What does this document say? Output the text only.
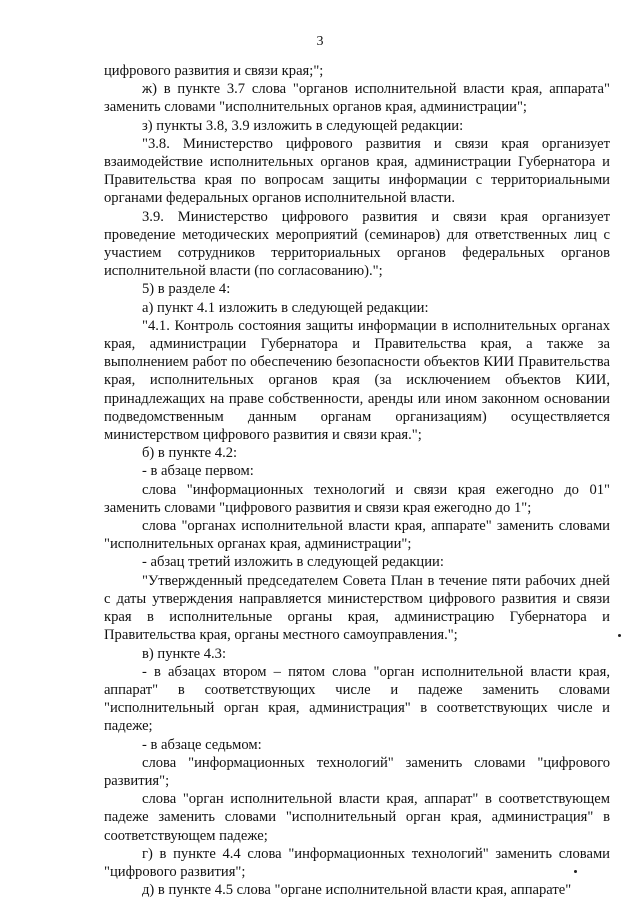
3

цифрового развития и связи края;";

ж) в пункте 3.7 слова "органов исполнительной власти края, аппарата" заменить словами "исполнительных органов края, администрации";

з) пункты 3.8, 3.9 изложить в следующей редакции:

"3.8. Министерство цифрового развития и связи края организует взаимодействие исполнительных органов края, администрации Губернатора и Правительства края по вопросам защиты информации с территориальными органами федеральных органов исполнительной власти.

3.9. Министерство цифрового развития и связи края организует проведение методических мероприятий (семинаров) для ответственных лиц с участием сотрудников территориальных органов федеральных органов исполнительной власти (по согласованию).";

5) в разделе 4:

а) пункт 4.1 изложить в следующей редакции:

"4.1. Контроль состояния защиты информации в исполнительных органах края, администрации Губернатора и Правительства края, а также за выполнением работ по обеспечению безопасности объектов КИИ Правительства края, исполнительных органов края (за исключением объектов КИИ, принадлежащих на праве собственности, аренды или ином законном основании подведомственным данным органам организациям) осуществляется министерством цифрового развития и связи края.";

б) в пункте 4.2:

- в абзаце первом:

слова "информационных технологий и связи края ежегодно до 01" заменить словами "цифрового развития и связи края ежегодно до 1";

слова "органах исполнительной власти края, аппарате" заменить словами "исполнительных органах края, администрации";

- абзац третий изложить в следующей редакции:

"Утвержденный председателем Совета План в течение пяти рабочих дней с даты утверждения направляется министерством цифрового развития и связи края в исполнительные органы края, администрацию Губернатора и Правительства края, органы местного самоуправления.";

в) пункте 4.3:

- в абзацах втором – пятом слова "орган исполнительной власти края, аппарат" в соответствующих числе и падеже заменить словами "исполнительный орган края, администрация" в соответствующих числе и падеже;

- в абзаце седьмом:

слова "информационных технологий" заменить словами "цифрового развития";

слова "орган исполнительной власти края, аппарат" в соответствующем падеже заменить словами "исполнительный орган края, администрация" в соответствующем падеже;

г) в пункте 4.4 слова "информационных технологий" заменить словами "цифрового развития";

д) в пункте 4.5 слова "органе исполнительной власти края, аппарате"
